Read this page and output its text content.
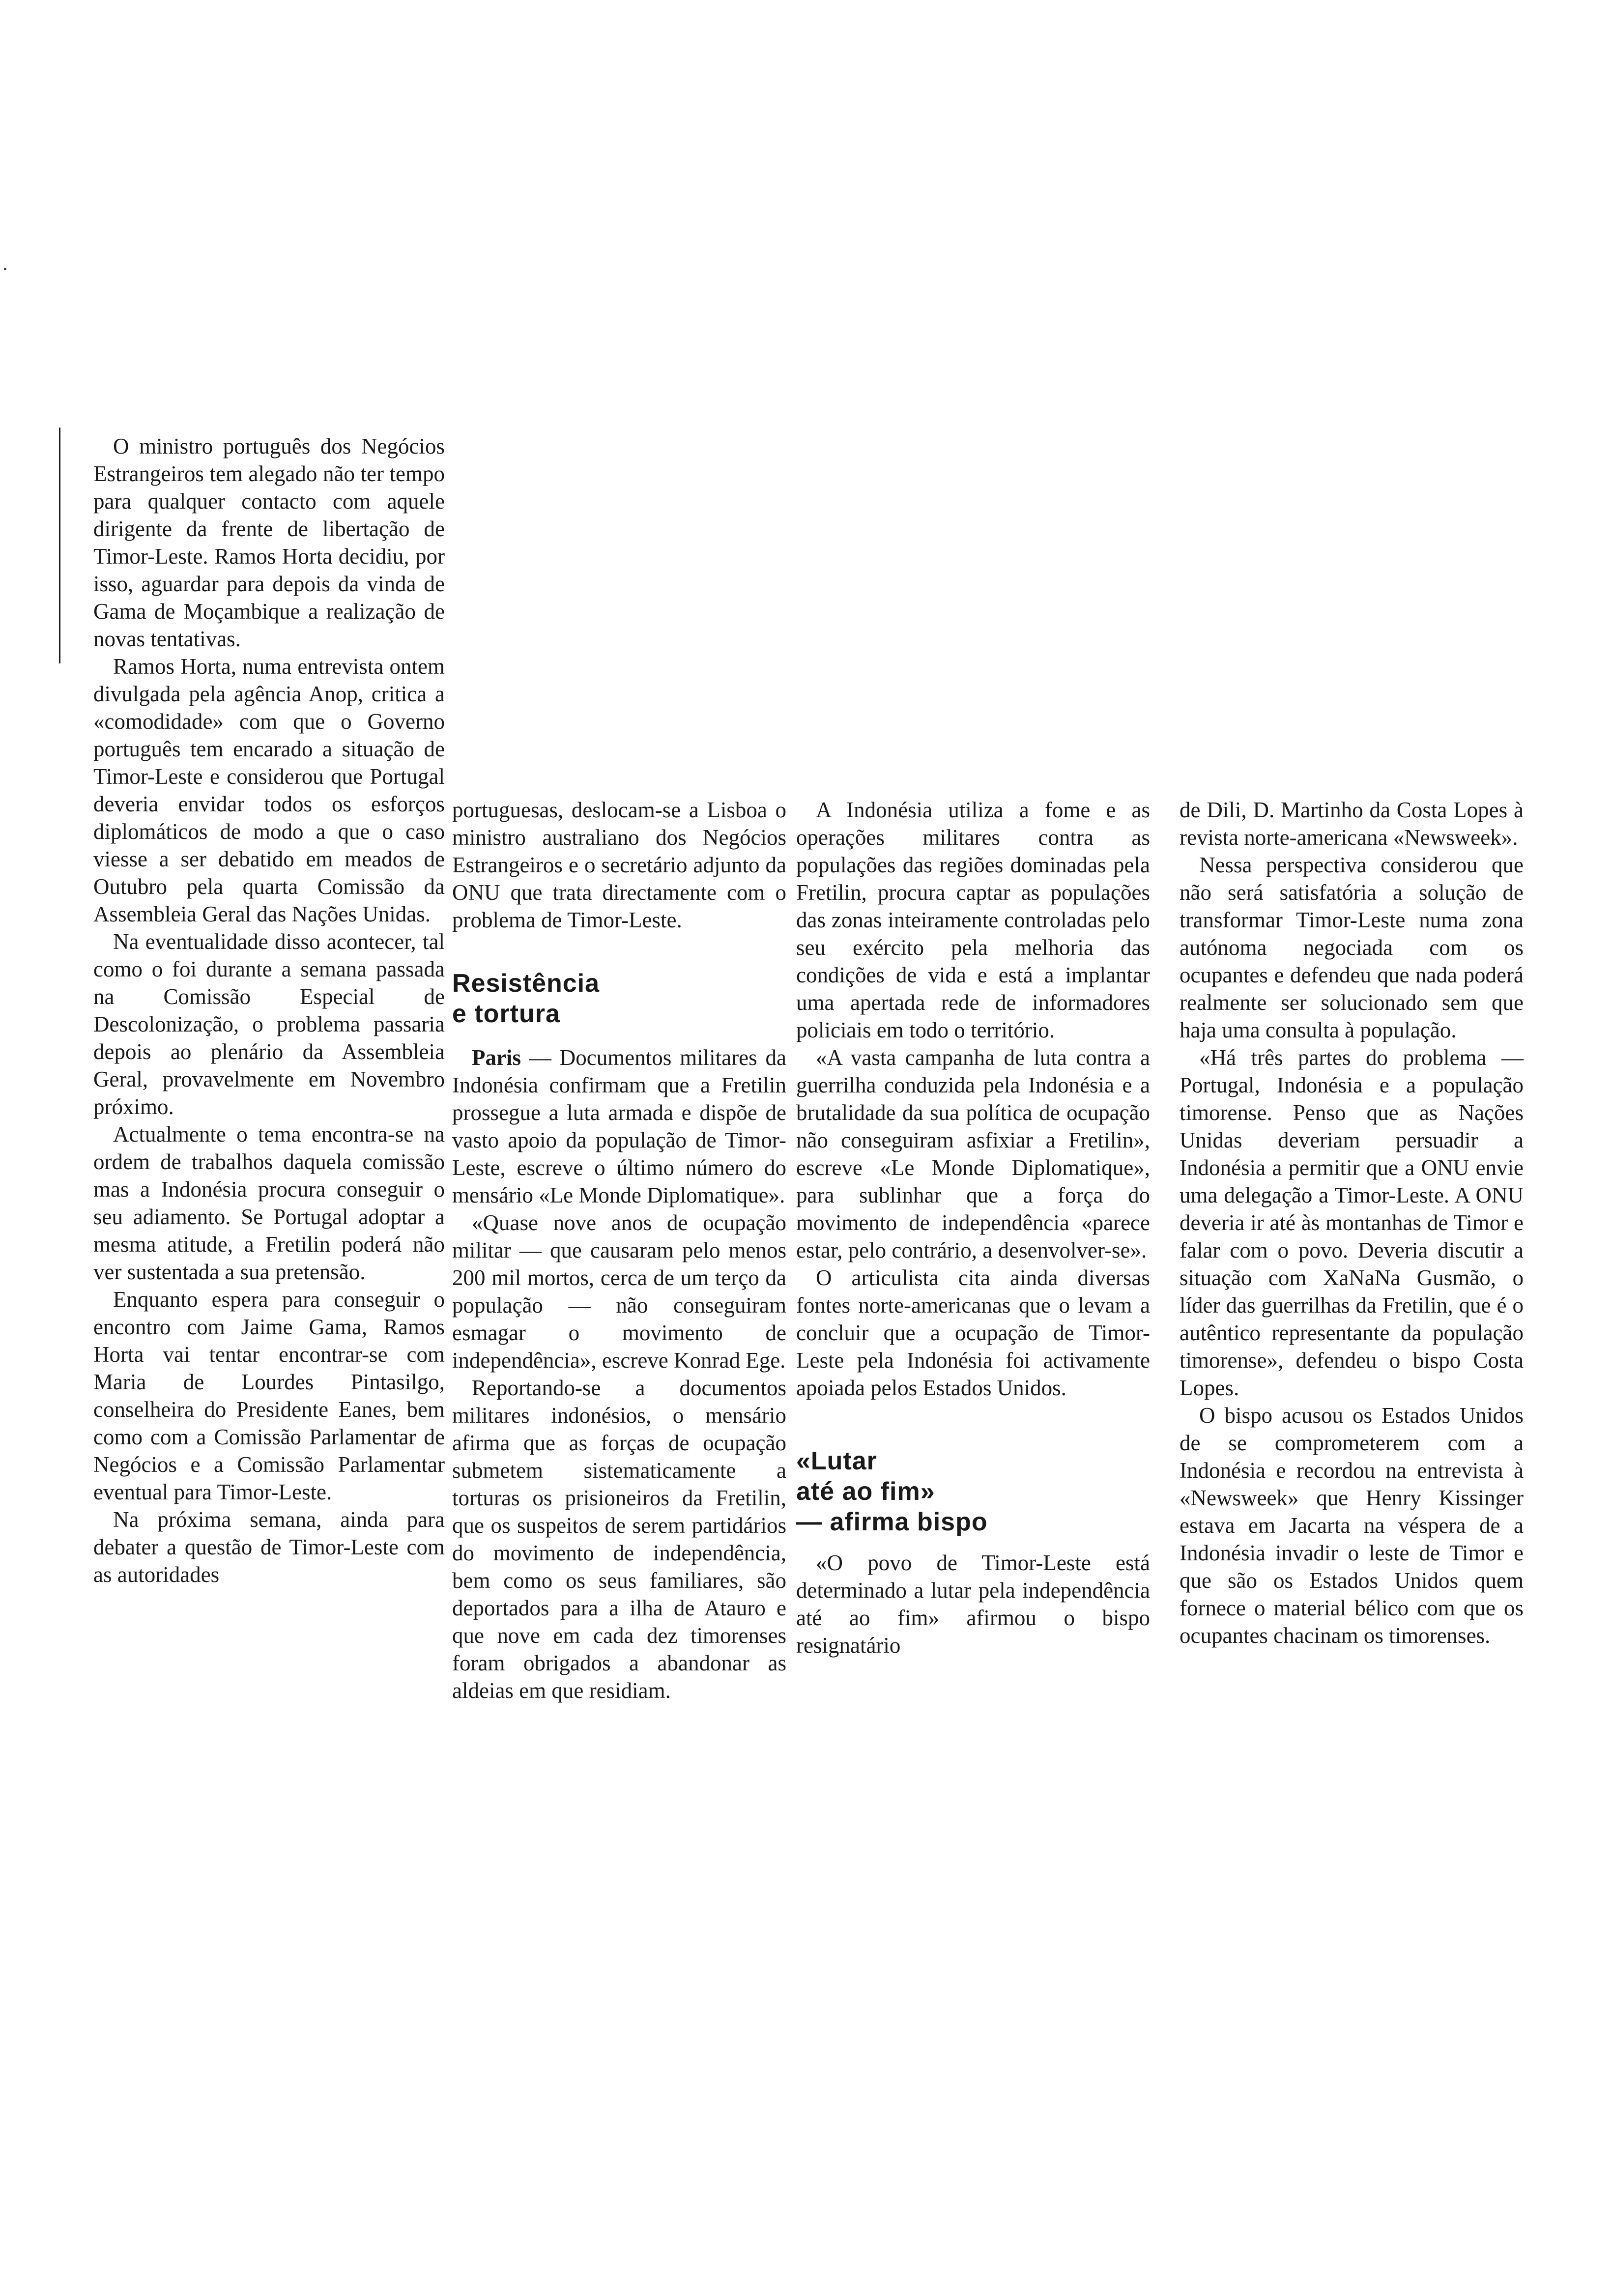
O ministro português dos Negócios Estrangeiros tem alegado não ter tempo para qualquer contacto com aquele dirigente da frente de libertação de Timor-Leste. Ramos Horta decidiu, por isso, aguardar para depois da vinda de Gama de Moçambique a realização de novas tentativas.

Ramos Horta, numa entrevista ontem divulgada pela agência Anop, critica a «comodidade» com que o Governo português tem encarado a situação de Timor-Leste e considerou que Portugal deveria envidar todos os esforços diplomáticos de modo a que o caso viesse a ser debatido em meados de Outubro pela quarta Comissão da Assembleia Geral das Nações Unidas.

Na eventualidade disso acontecer, tal como o foi durante a semana passada na Comissão Especial de Descolonização, o problema passaria depois ao plenário da Assembleia Geral, provavelmente em Novembro próximo.

Actualmente o tema encontra-se na ordem de trabalhos daquela comissão mas a Indonésia procura conseguir o seu adiamento. Se Portugal adoptar a mesma atitude, a Fretilin poderá não ver sustentada a sua pretensão.

Enquanto espera para conseguir o encontro com Jaime Gama, Ramos Horta vai tentar encontrar-se com Maria de Lourdes Pintasilgo, conselheira do Presidente Eanes, bem como com a Comissão Parlamentar de Negócios e a Comissão Parlamentar eventual para Timor-Leste.

Na próxima semana, ainda para debater a questão de Timor-Leste com as autoridades

portuguesas, deslocam-se a Lisboa o ministro australiano dos Negócios Estrangeiros e o secretário adjunto da ONU que trata directamente com o problema de Timor-Leste.

Resistência
e tortura

Paris — Documentos militares da Indonésia confirmam que a Fretilin prossegue a luta armada e dispõe de vasto apoio da população de Timor-Leste, escreve o último número do mensário «Le Monde Diplomatique».

«Quase nove anos de ocupação militar — que causaram pelo menos 200 mil mortos, cerca de um terço da população — não conseguiram esmagar o movimento de independência», escreve Konrad Ege.

Reportando-se a documentos militares indonésios, o mensário afirma que as forças de ocupação submetem sistematicamente a torturas os prisioneiros da Fretilin, que os suspeitos de serem partidários do movimento de independência, bem como os seus familiares, são deportados para a ilha de Atauro e que nove em cada dez timorenses foram obrigados a abandonar as aldeias em que residiam.

A Indonésia utiliza a fome e as operações militares contra as populações das regiões dominadas pela Fretilin, procura captar as populações das zonas inteiramente controladas pelo seu exército pela melhoria das condições de vida e está a implantar uma apertada rede de informadores policiais em todo o território.

«A vasta campanha de luta contra a guerrilha conduzida pela Indonésia e a brutalidade da sua política de ocupação não conseguiram asfixiar a Fretilin», escreve «Le Monde Diplomatique», para sublinhar que a força do movimento de independência «parece estar, pelo contrário, a desenvolver-se».

O articulista cita ainda diversas fontes norte-americanas que o levam a concluir que a ocupação de Timor-Leste pela Indonésia foi activamente apoiada pelos Estados Unidos.

«Lutar
até ao fim»
— afirma bispo

«O povo de Timor-Leste está determinado a lutar pela independência até ao fim» afirmou o bispo resignatário

de Dili, D. Martinho da Costa Lopes à revista norte-americana «Newsweek».

Nessa perspectiva considerou que não será satisfatória a solução de transformar Timor-Leste numa zona autónoma negociada com os ocupantes e defendeu que nada poderá realmente ser solucionado sem que haja uma consulta à população.

«Há três partes do problema — Portugal, Indonésia e a população timorense. Penso que as Nações Unidas deveriam persuadir a Indonésia a permitir que a ONU envie uma delegação a Timor-Leste. A ONU deveria ir até às montanhas de Timor e falar com o povo. Deveria discutir a situação com XaNaNa Gusmão, o líder das guerrilhas da Fretilin, que é o autêntico representante da população timorense», defendeu o bispo Costa Lopes.

O bispo acusou os Estados Unidos de se comprometerem com a Indonésia e recordou na entrevista à «Newsweek» que Henry Kissinger estava em Jacarta na véspera de a Indonésia invadir o leste de Timor e que são os Estados Unidos quem fornece o material bélico com que os ocupantes chacinam os timorenses.
